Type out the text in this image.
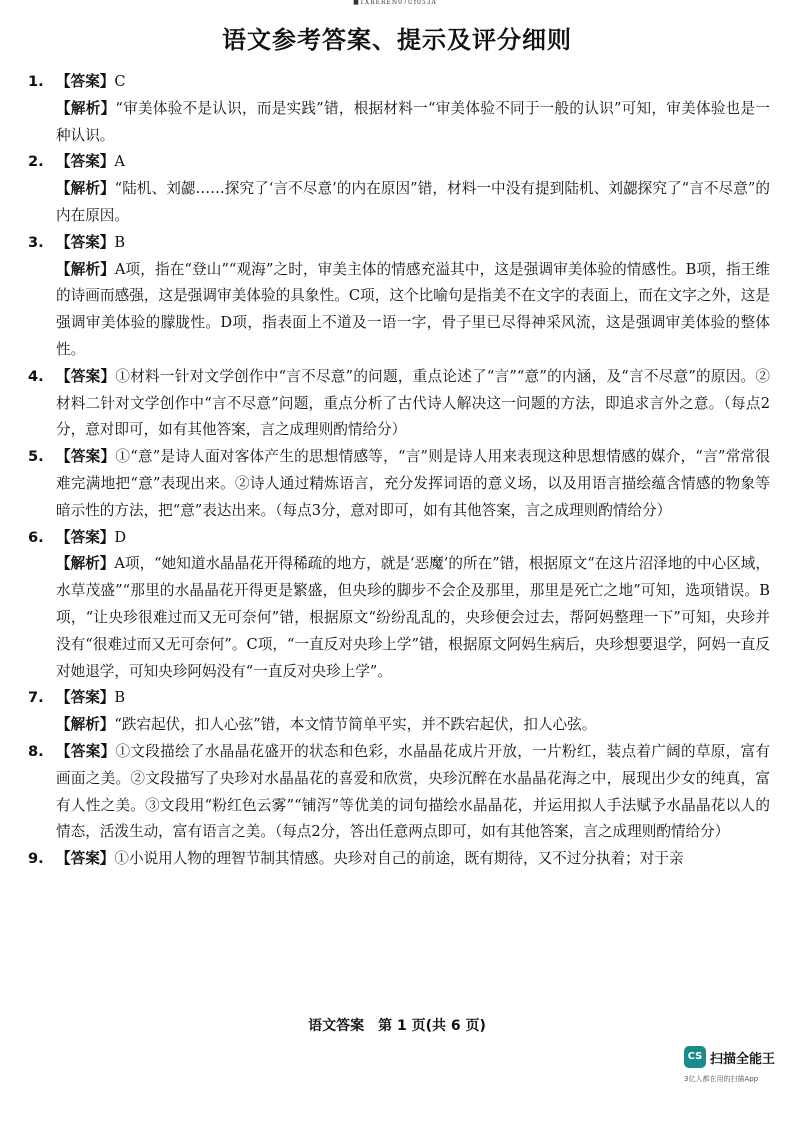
■TXREREN07Uf053A
语文参考答案、提示及评分细则
1. 【答案】C
【解析】“审美体验不是认识，而是实践”错，根据材料一“审美体验不同于一般的认识”可知，审美体验也是一种认识。
2. 【答案】A
【解析】“陆机、刘勰……探究了‘言不尽意’的内在原因”错，材料一中没有提到陆机、刘勰探究了“言不尽意”的内在原因。
3. 【答案】B
【解析】A项，指在“登山”“观海”之时，审美主体的情感充溢其中，这是强调审美体验的情感性。B项，指王维的诗画而感强，这是强调审美体验的具象性。C项，这个比喻句是指美不在文字的表面上，而在文字之外，这是强调审美体验的朦胧性。D项，指表面上不道及一语一字，骨子里已尽得神采风流，这是强调审美体验的整体性。
4. 【答案】①材料一针对文学创作中“言不尽意”的问题，重点论述了“言”“意”的内涵，及“言不尽意”的原因。②材料二针对文学创作中“言不尽意”问题，重点分析了古代诗人解决这一问题的方法，即追求言外之意。（每点2分，意对即可，如有其他答案，言之成理则酌情给分）
5. 【答案】①“意”是诗人面对客体产生的思想情感等，“言”则是诗人用来表现这种思想情感的媒介，“言”常常很难完满地把“意”表现出来。②诗人通过精炼语言，充分发挥词语的意义场，以及用语言描绘蕴含情感的物象等暗示性的方法，把“意”表达出来。（每点3分，意对即可，如有其他答案，言之成理则酌情给分）
6. 【答案】D
【解析】A项，“她知道水晶晶花开得稀疏的地方，就是‘恶魔’的所在”错，根据原文“在这片沼泽地的中心区域，水草茂盛”“那里的水晶晶花开得更是繁盛，但央珍的脚步不会企及那里，那里是死亡之地”可知，选项错误。B项，“让央珍很难过而又无可奈何”错，根据原文“纷纷乱乱的，央珍便会过去，帮阿妈整理一下”可知，央珍并没有“很难过而又无可奈何”。C项，“一直反对央珍上学”错，根据原文阿妈生病后，央珍想要退学，阿妈一直反对她退学，可知央珍阿妈没有“一直反对央珍上学”。
7. 【答案】B
【解析】“跌宕起伏，扣人心弦”错，本文情节简单平实，并不跌宕起伏，扣人心弦。
8. 【答案】①文段描绘了水晶晶花盛开的状态和色彩，水晶晶花成片开放，一片粉红，装点着广阔的草原，富有画面之美。②文段描写了央珍对水晶晶花的喜爱和欣赏，央珍沉醉在水晶晶花海之中，展现出少女的纯真，富有人性之美。③文段用“粉红色云雾”“铺泻”等优美的词句描绘水晶晶花，并运用拟人手法赋予水晶晶花以人的情态，活泼生动，富有语言之美。（每点2分，答出任意两点即可，如有其他答案，言之成理则酌情给分）
9. 【答案】①小说用人物的理智节制其情感。央珍对自己的前途，既有期待，又不过分执着；对于亲
语文答案　第 1 页(共 6 页)
CS 扫描全能王
3亿人都在用的扫描App
